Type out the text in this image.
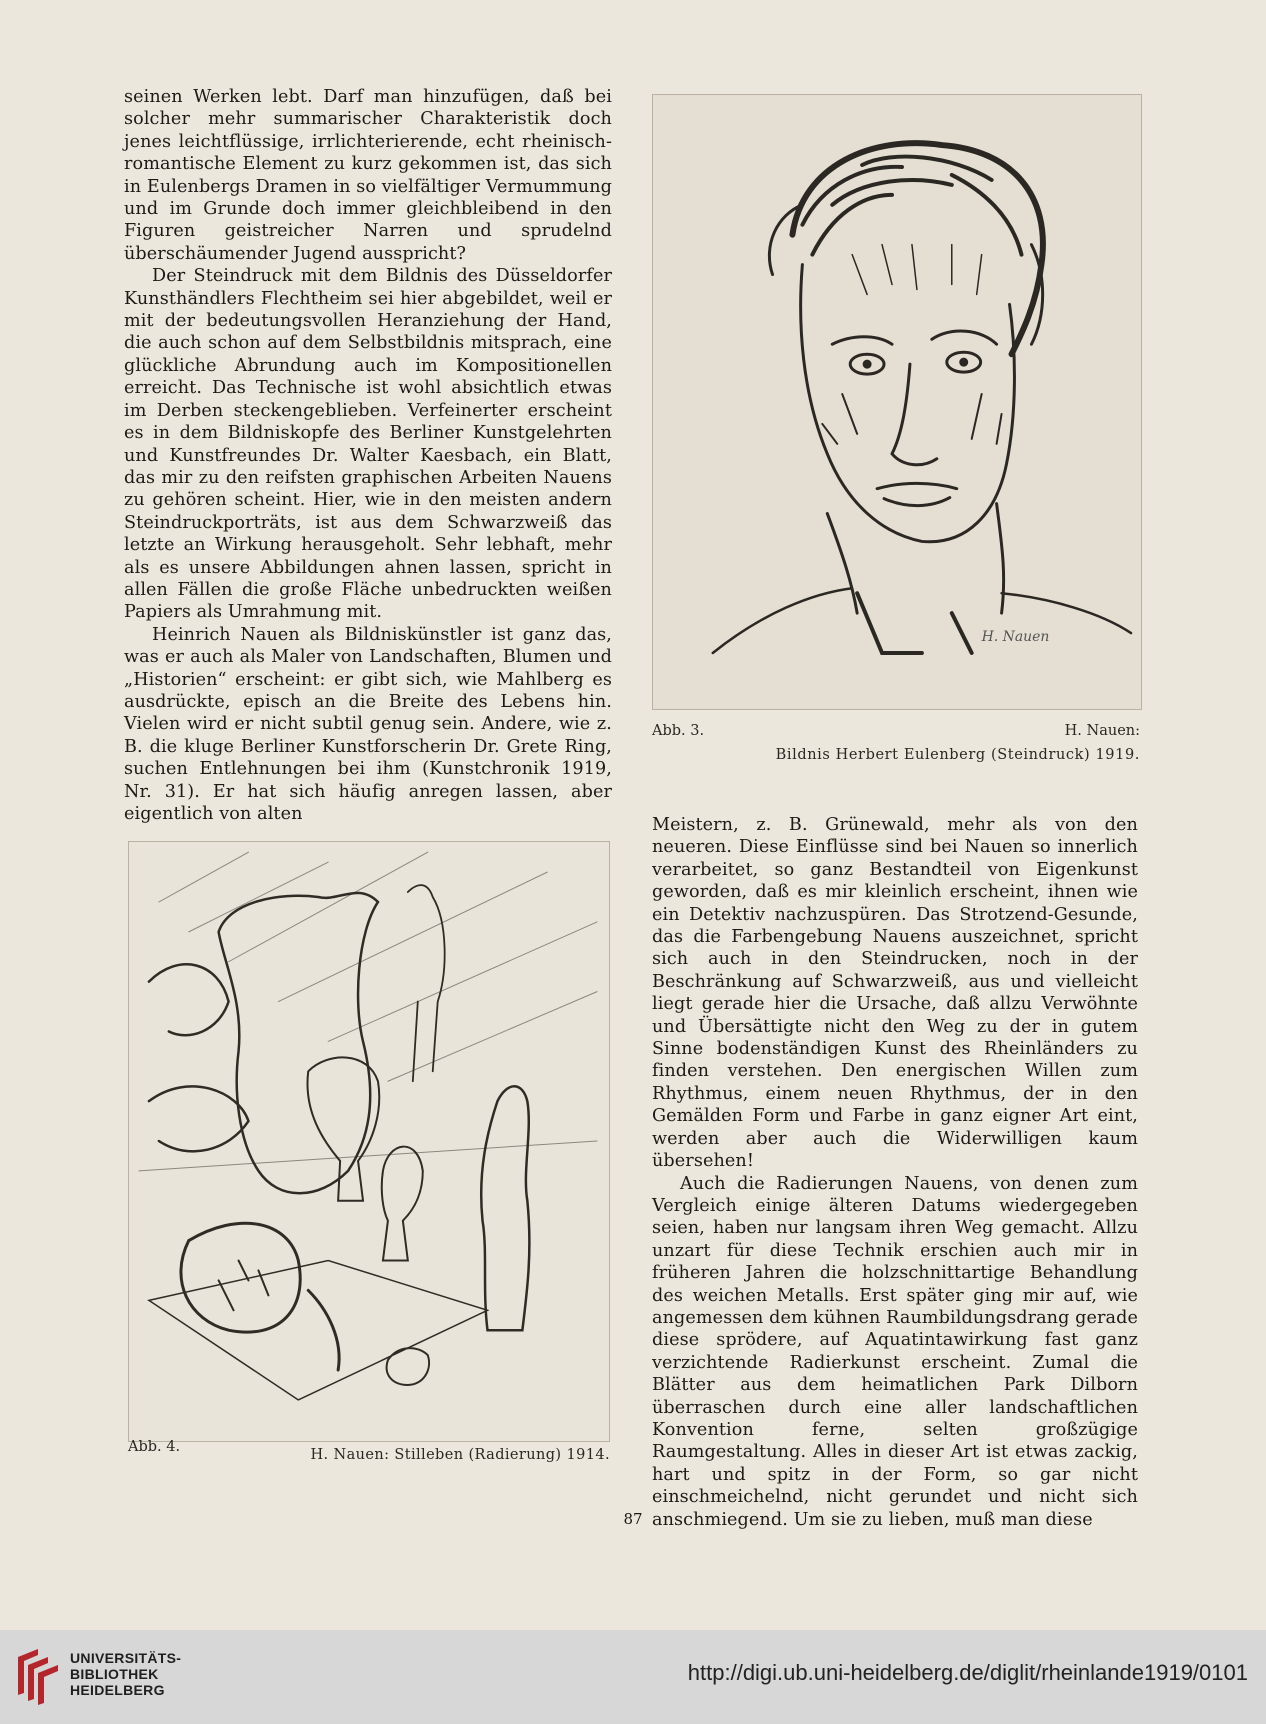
seinen Werken lebt. Darf man hinzufügen, daß bei solcher mehr summarischer Charakteristik doch jenes leichtflüssige, irrlichterierende, echt rheinisch-romantische Element zu kurz gekommen ist, das sich in Eulenbergs Dramen in so vielfältiger Vermummung und im Grunde doch immer gleichbleibend in den Figuren geistreicher Narren und sprudelnd überschäumender Jugend ausspricht?

Der Steindruck mit dem Bildnis des Düsseldorfer Kunsthändlers Flechtheim sei hier abgebildet, weil er mit der bedeutungsvollen Heranziehung der Hand, die auch schon auf dem Selbstbildnis mitsprach, eine glückliche Abrundung auch im Kompositionellen erreicht. Das Technische ist wohl absichtlich etwas im Derben steckengeblieben. Verfeinerter erscheint es in dem Bildniskopfe des Berliner Kunstgelehrten und Kunstfreundes Dr. Walter Kaesbach, ein Blatt, das mir zu den reifsten graphischen Arbeiten Nauens zu gehören scheint. Hier, wie in den meisten andern Steindruckporträts, ist aus dem Schwarzweiß das letzte an Wirkung herausgeholt. Sehr lebhaft, mehr als es unsere Abbildungen ahnen lassen, spricht in allen Fällen die große Fläche unbedruckten weißen Papiers als Umrahmung mit.

Heinrich Nauen als Bildniskünstler ist ganz das, was er auch als Maler von Landschaften, Blumen und „Historien“ erscheint: er gibt sich, wie Mahlberg es ausdrückte, episch an die Breite des Lebens hin. Vielen wird er nicht subtil genug sein. Andere, wie z. B. die kluge Berliner Kunstforscherin Dr. Grete Ring, suchen Entlehnungen bei ihm (Kunstchronik 1919, Nr. 31). Er hat sich häufig anregen lassen, aber eigentlich von alten

H. Nauen
Abb. 3.	H. Nauen:
Bildnis Herbert Eulenberg (Steindruck) 1919.
Abb. 4.	H. Nauen: Stilleben (Radierung) 1914.

Meistern, z. B. Grünewald, mehr als von den neueren. Diese Einflüsse sind bei Nauen so innerlich verarbeitet, so ganz Bestandteil von Eigenkunst geworden, daß es mir kleinlich erscheint, ihnen wie ein Detektiv nachzuspüren. Das Strotzend-Gesunde, das die Farbengebung Nauens auszeichnet, spricht sich auch in den Steindrucken, noch in der Beschränkung auf Schwarzweiß, aus und vielleicht liegt gerade hier die Ursache, daß allzu Verwöhnte und Übersättigte nicht den Weg zu der in gutem Sinne bodenständigen Kunst des Rheinländers zu finden verstehen. Den energischen Willen zum Rhythmus, einem neuen Rhythmus, der in den Gemälden Form und Farbe in ganz eigner Art eint, werden aber auch die Widerwilligen kaum übersehen!

Auch die Radierungen Nauens, von denen zum Vergleich einige älteren Datums wiedergegeben seien, haben nur langsam ihren Weg gemacht. Allzu unzart für diese Technik erschien auch mir in früheren Jahren die holzschnittartige Behandlung des weichen Metalls. Erst später ging mir auf, wie angemessen dem kühnen Raumbildungsdrang gerade diese sprödere, auf Aquatintawirkung fast ganz verzichtende Radierkunst erscheint. Zumal die Blätter aus dem heimatlichen Park Dilborn überraschen durch eine aller landschaftlichen Konvention ferne, selten großzügige Raumgestaltung. Alles in dieser Art ist etwas zackig, hart und spitz in der Form, so gar nicht einschmeichelnd, nicht gerundet und nicht sich anschmiegend. Um sie zu lieben, muß man diese

87
UNIVERSITÄTS-
BIBLIOTHEK
HEIDELBERG
http://digi.ub.uni-heidelberg.de/diglit/rheinlande1919/0101
